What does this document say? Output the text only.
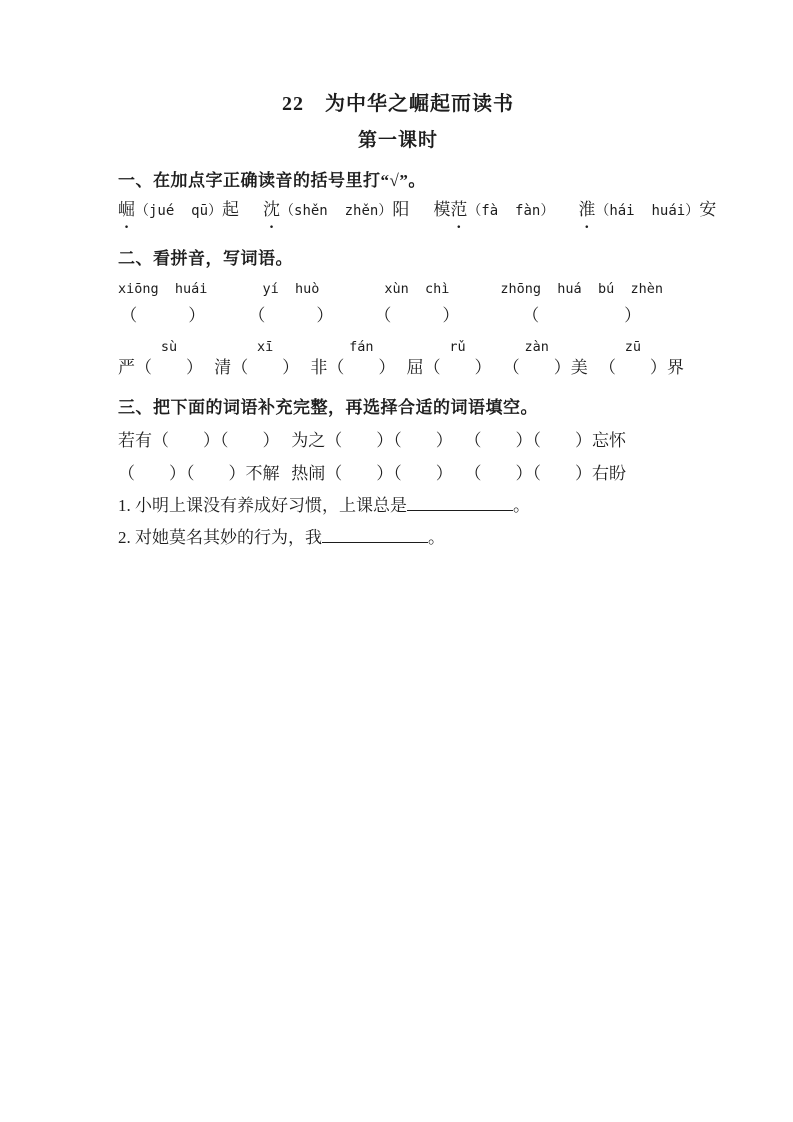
22　为中华之崛起而读书
第一课时
一、在加点字正确读音的括号里打“√”。
崛（jué  qū）起 沈（shěn  zhěn）阳 模范（fà  fàn） 淮（hái  huái）安
二、看拼音，写词语。
xiōng  huái
（　　　）
yí  huò
（　　　）
xùn  chì
（　　　）
zhōng  huá  bú  zhèn
（　　　　　）
严
sù
（　　） 清
xī
（　　） 非
fán
（　　） 屈
rǔ
（　　）
zàn
（　　）美
zū
（　　）界
三、把下面的词语补充完整，再选择合适的词语填空。
若有（　　）（　　） 为之（　　）（　　） （　　）（　　）忘怀
（　　）（　　）不解 热闹（　　）（　　） （　　）（　　）右盼
1. 小明上课没有养成好习惯，上课总是	。
2. 对她莫名其妙的行为，我	。
